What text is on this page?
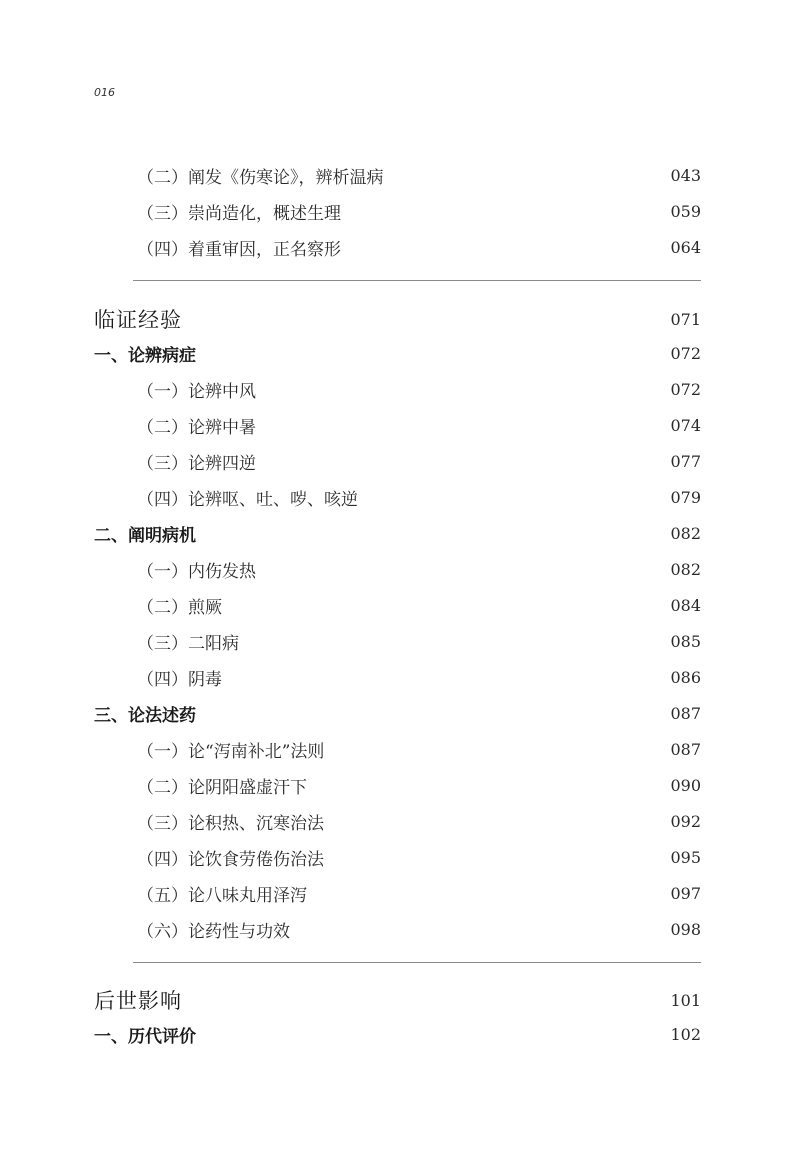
016
（二）阐发《伤寒论》，辨析温病	043
（三）崇尚造化，概述生理	059
（四）着重审因，正名察形	064
临证经验	071
一、论辨病症	072
（一）论辨中风	072
（二）论辨中暑	074
（三）论辨四逆	077
（四）论辨呕、吐、哕、咳逆	079
二、阐明病机	082
（一）内伤发热	082
（二）煎厥	084
（三）二阳病	085
（四）阴毒	086
三、论法述药	087
（一）论“泻南补北”法则	087
（二）论阴阳盛虚汗下	090
（三）论积热、沉寒治法	092
（四）论饮食劳倦伤治法	095
（五）论八味丸用泽泻	097
（六）论药性与功效	098
后世影响	101
一、历代评价	102
